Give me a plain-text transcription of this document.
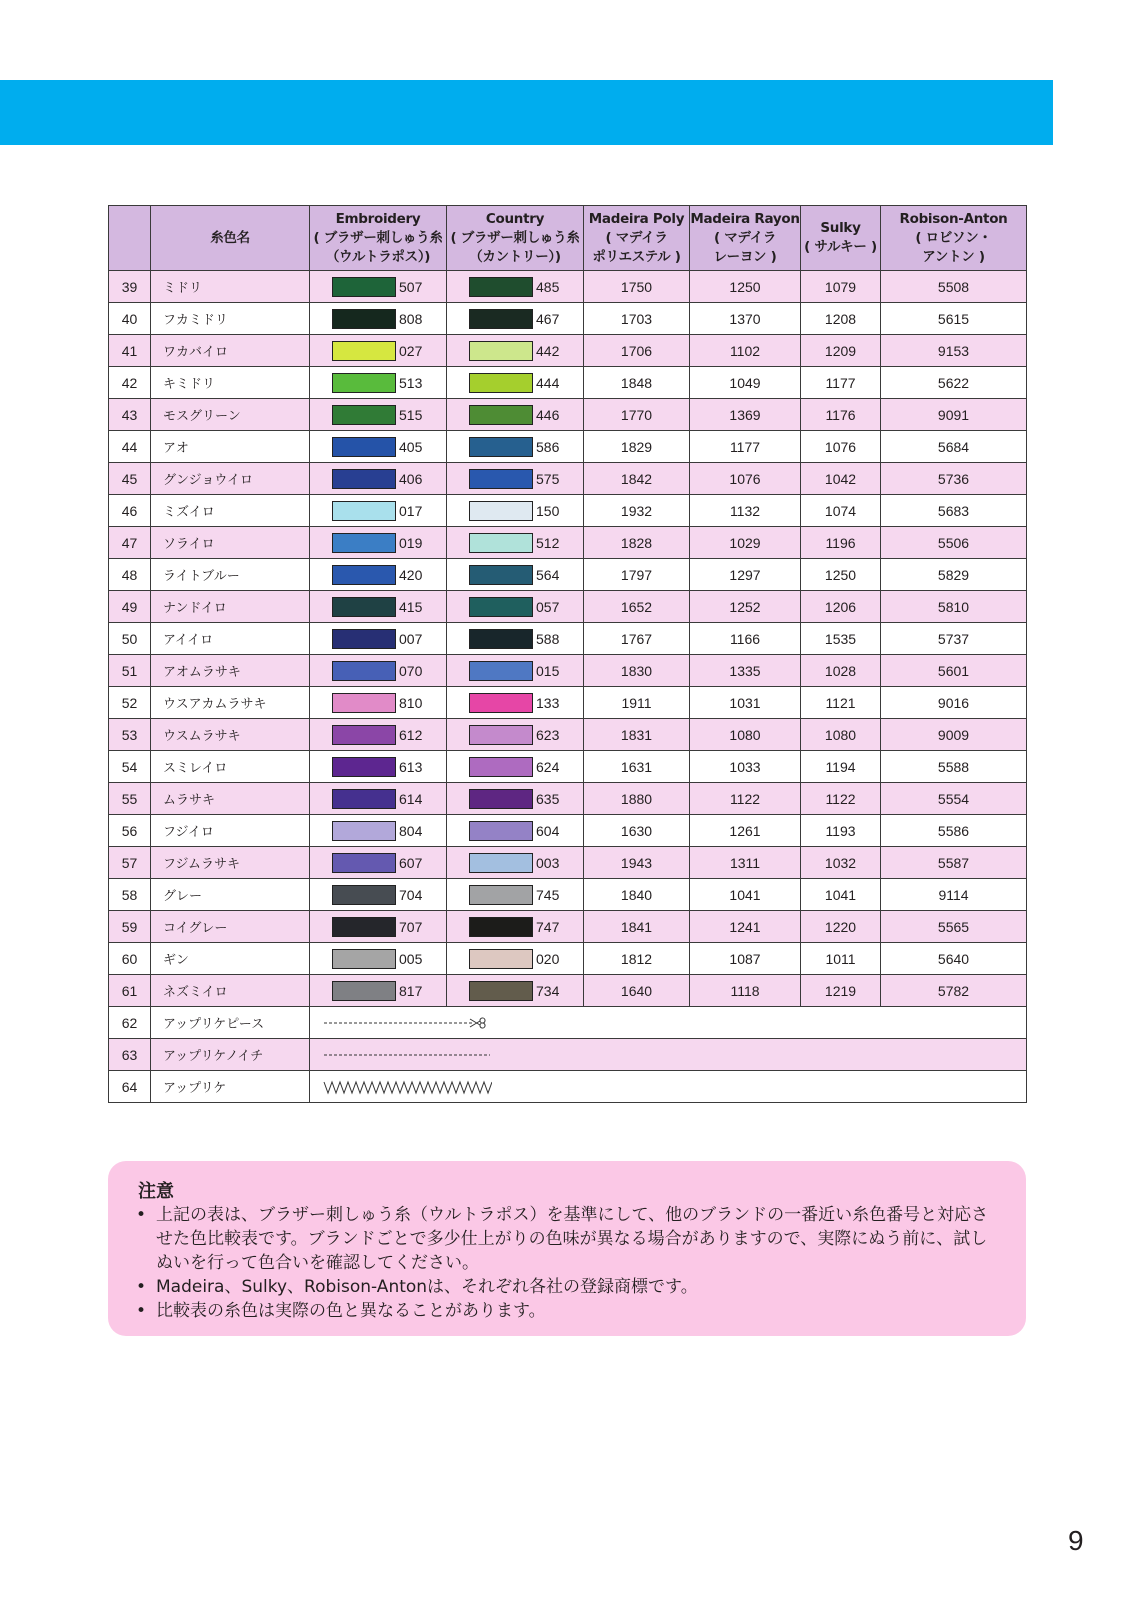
	糸色名	Embroidery
( ブラザー刺しゅう糸
（ウルトラポス）)	Country
( ブラザー刺しゅう糸
（カントリー）)	Madeira Poly
( マデイラ
ポリエステル )	Madeira Rayon
( マデイラ
レーヨン )	Sulky
( サルキー )	Robison-Anton
( ロビソン・
アントン )

39	ミドリ	507	485	1750	1250	1079	5508
40	フカミドリ	808	467	1703	1370	1208	5615
41	ワカバイロ	027	442	1706	1102	1209	9153
42	キミドリ	513	444	1848	1049	1177	5622
43	モスグリーン	515	446	1770	1369	1176	9091
44	アオ	405	586	1829	1177	1076	5684
45	グンジョウイロ	406	575	1842	1076	1042	5736
46	ミズイロ	017	150	1932	1132	1074	5683
47	ソライロ	019	512	1828	1029	1196	5506
48	ライトブルー	420	564	1797	1297	1250	5829
49	ナンドイロ	415	057	1652	1252	1206	5810
50	アイイロ	007	588	1767	1166	1535	5737
51	アオムラサキ	070	015	1830	1335	1028	5601
52	ウスアカムラサキ	810	133	1911	1031	1121	9016
53	ウスムラサキ	612	623	1831	1080	1080	9009
54	スミレイロ	613	624	1631	1033	1194	5588
55	ムラサキ	614	635	1880	1122	1122	5554
56	フジイロ	804	604	1630	1261	1193	5586
57	フジムラサキ	607	003	1943	1311	1032	5587
58	グレー	704	745	1840	1041	1041	9114
59	コイグレー	707	747	1841	1241	1220	5565
60	ギン	005	020	1812	1087	1011	5640
61	ネズミイロ	817	734	1640	1118	1219	5782
62	アップリケピース	

63	アップリケノイチ	

64	アップリケ	

注意
• 上記の表は、ブラザー刺しゅう糸（ウルトラポス）を基準にして、他のブランドの一番近い糸色番号と対応させた色比較表です。ブランドごとで多少仕上がりの色味が異なる場合がありますので、実際にぬう前に、試しぬいを行って色合いを確認してください。
• Madeira、Sulky、Robison-Antonは、それぞれ各社の登録商標です。
• 比較表の糸色は実際の色と異なることがあります。
9
